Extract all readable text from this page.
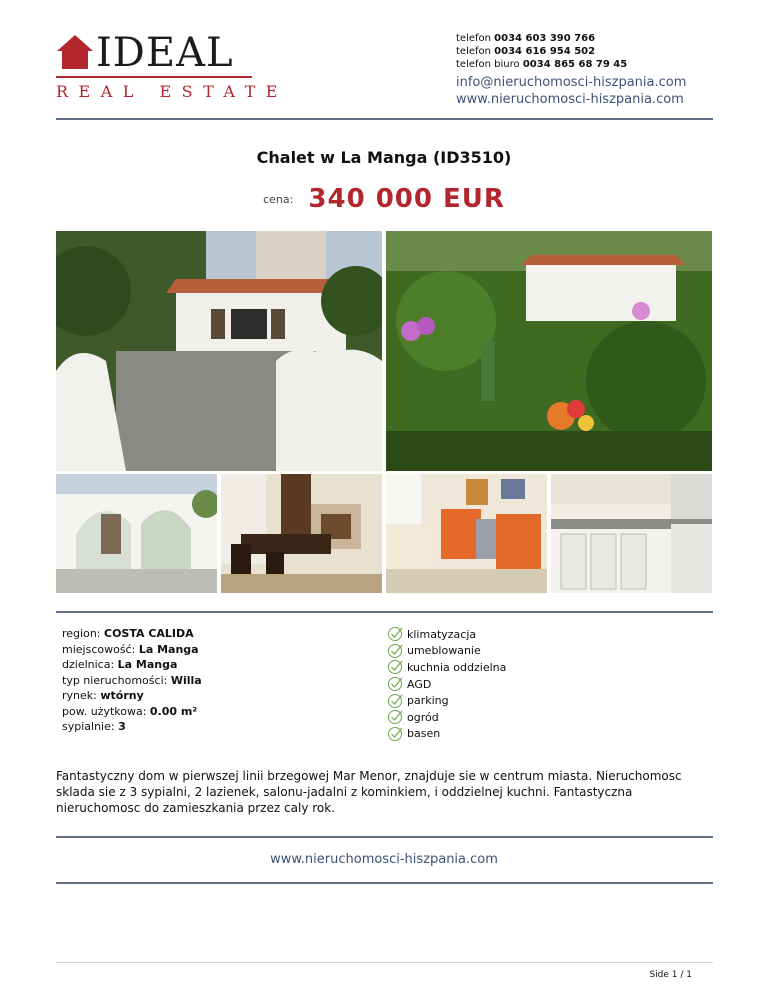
IDEAL
REAL ESTATE
telefon 0034 603 390 766
telefon 0034 616 954 502
telefon biuro 0034 865 68 79 45
info@nieruchomosci-hiszpania.com
www.nieruchomosci-hiszpania.com
Chalet w La Manga (ID3510)
cena: 340 000 EUR
region: COSTA CALIDA
miejscowość: La Manga
dzielnica: La Manga
typ nieruchomości: Willa
rynek: wtórny
pow. użytkowa: 0.00 m²
sypialnie: 3
klimatyzacja
umeblowanie
kuchnia oddzielna
AGD
parking
ogród
basen
Fantastyczny dom w pierwszej linii brzegowej Mar Menor, znajduje sie w centrum miasta. Nieruchomosc sklada sie z 3 sypialni, 2 lazienek, salonu-jadalni z kominkiem, i oddzielnej kuchni. Fantastyczna nieruchomosc do zamieszkania przez caly rok.
www.nieruchomosci-hiszpania.com
Side 1 / 1
